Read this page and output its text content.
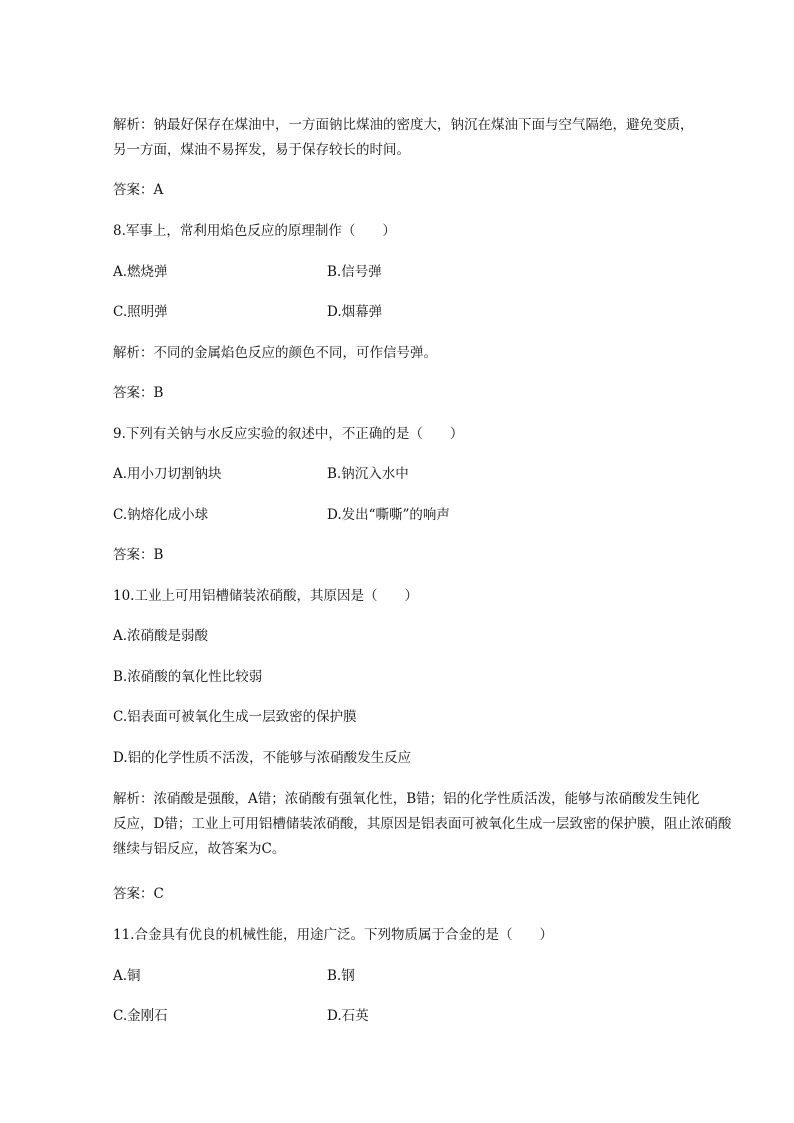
解析：钠最好保存在煤油中，一方面钠比煤油的密度大，钠沉在煤油下面与空气隔绝，避免变质，
另一方面，煤油不易挥发，易于保存较长的时间。
答案：A
8.军事上，常利用焰色反应的原理制作（　　）
A.燃烧弹	B.信号弹
C.照明弹	D.烟幕弹
解析：不同的金属焰色反应的颜色不同，可作信号弹。
答案：B
9.下列有关钠与水反应实验的叙述中，不正确的是（　　）
A.用小刀切割钠块	B.钠沉入水中
C.钠熔化成小球	D.发出“嘶嘶”的响声
答案：B
10.工业上可用铝槽储装浓硝酸，其原因是（　　）
A.浓硝酸是弱酸
B.浓硝酸的氧化性比较弱
C.铝表面可被氧化生成一层致密的保护膜
D.铝的化学性质不活泼，不能够与浓硝酸发生反应
解析：浓硝酸是强酸，A错；浓硝酸有强氧化性，B错；铝的化学性质活泼，能够与浓硝酸发生钝化
反应，D错；工业上可用铝槽储装浓硝酸，其原因是铝表面可被氧化生成一层致密的保护膜，阻止浓硝酸
继续与铝反应，故答案为C。
答案：C
11.合金具有优良的机械性能，用途广泛。下列物质属于合金的是（　　）
A.铜	B.钢
C.金刚石	D.石英
